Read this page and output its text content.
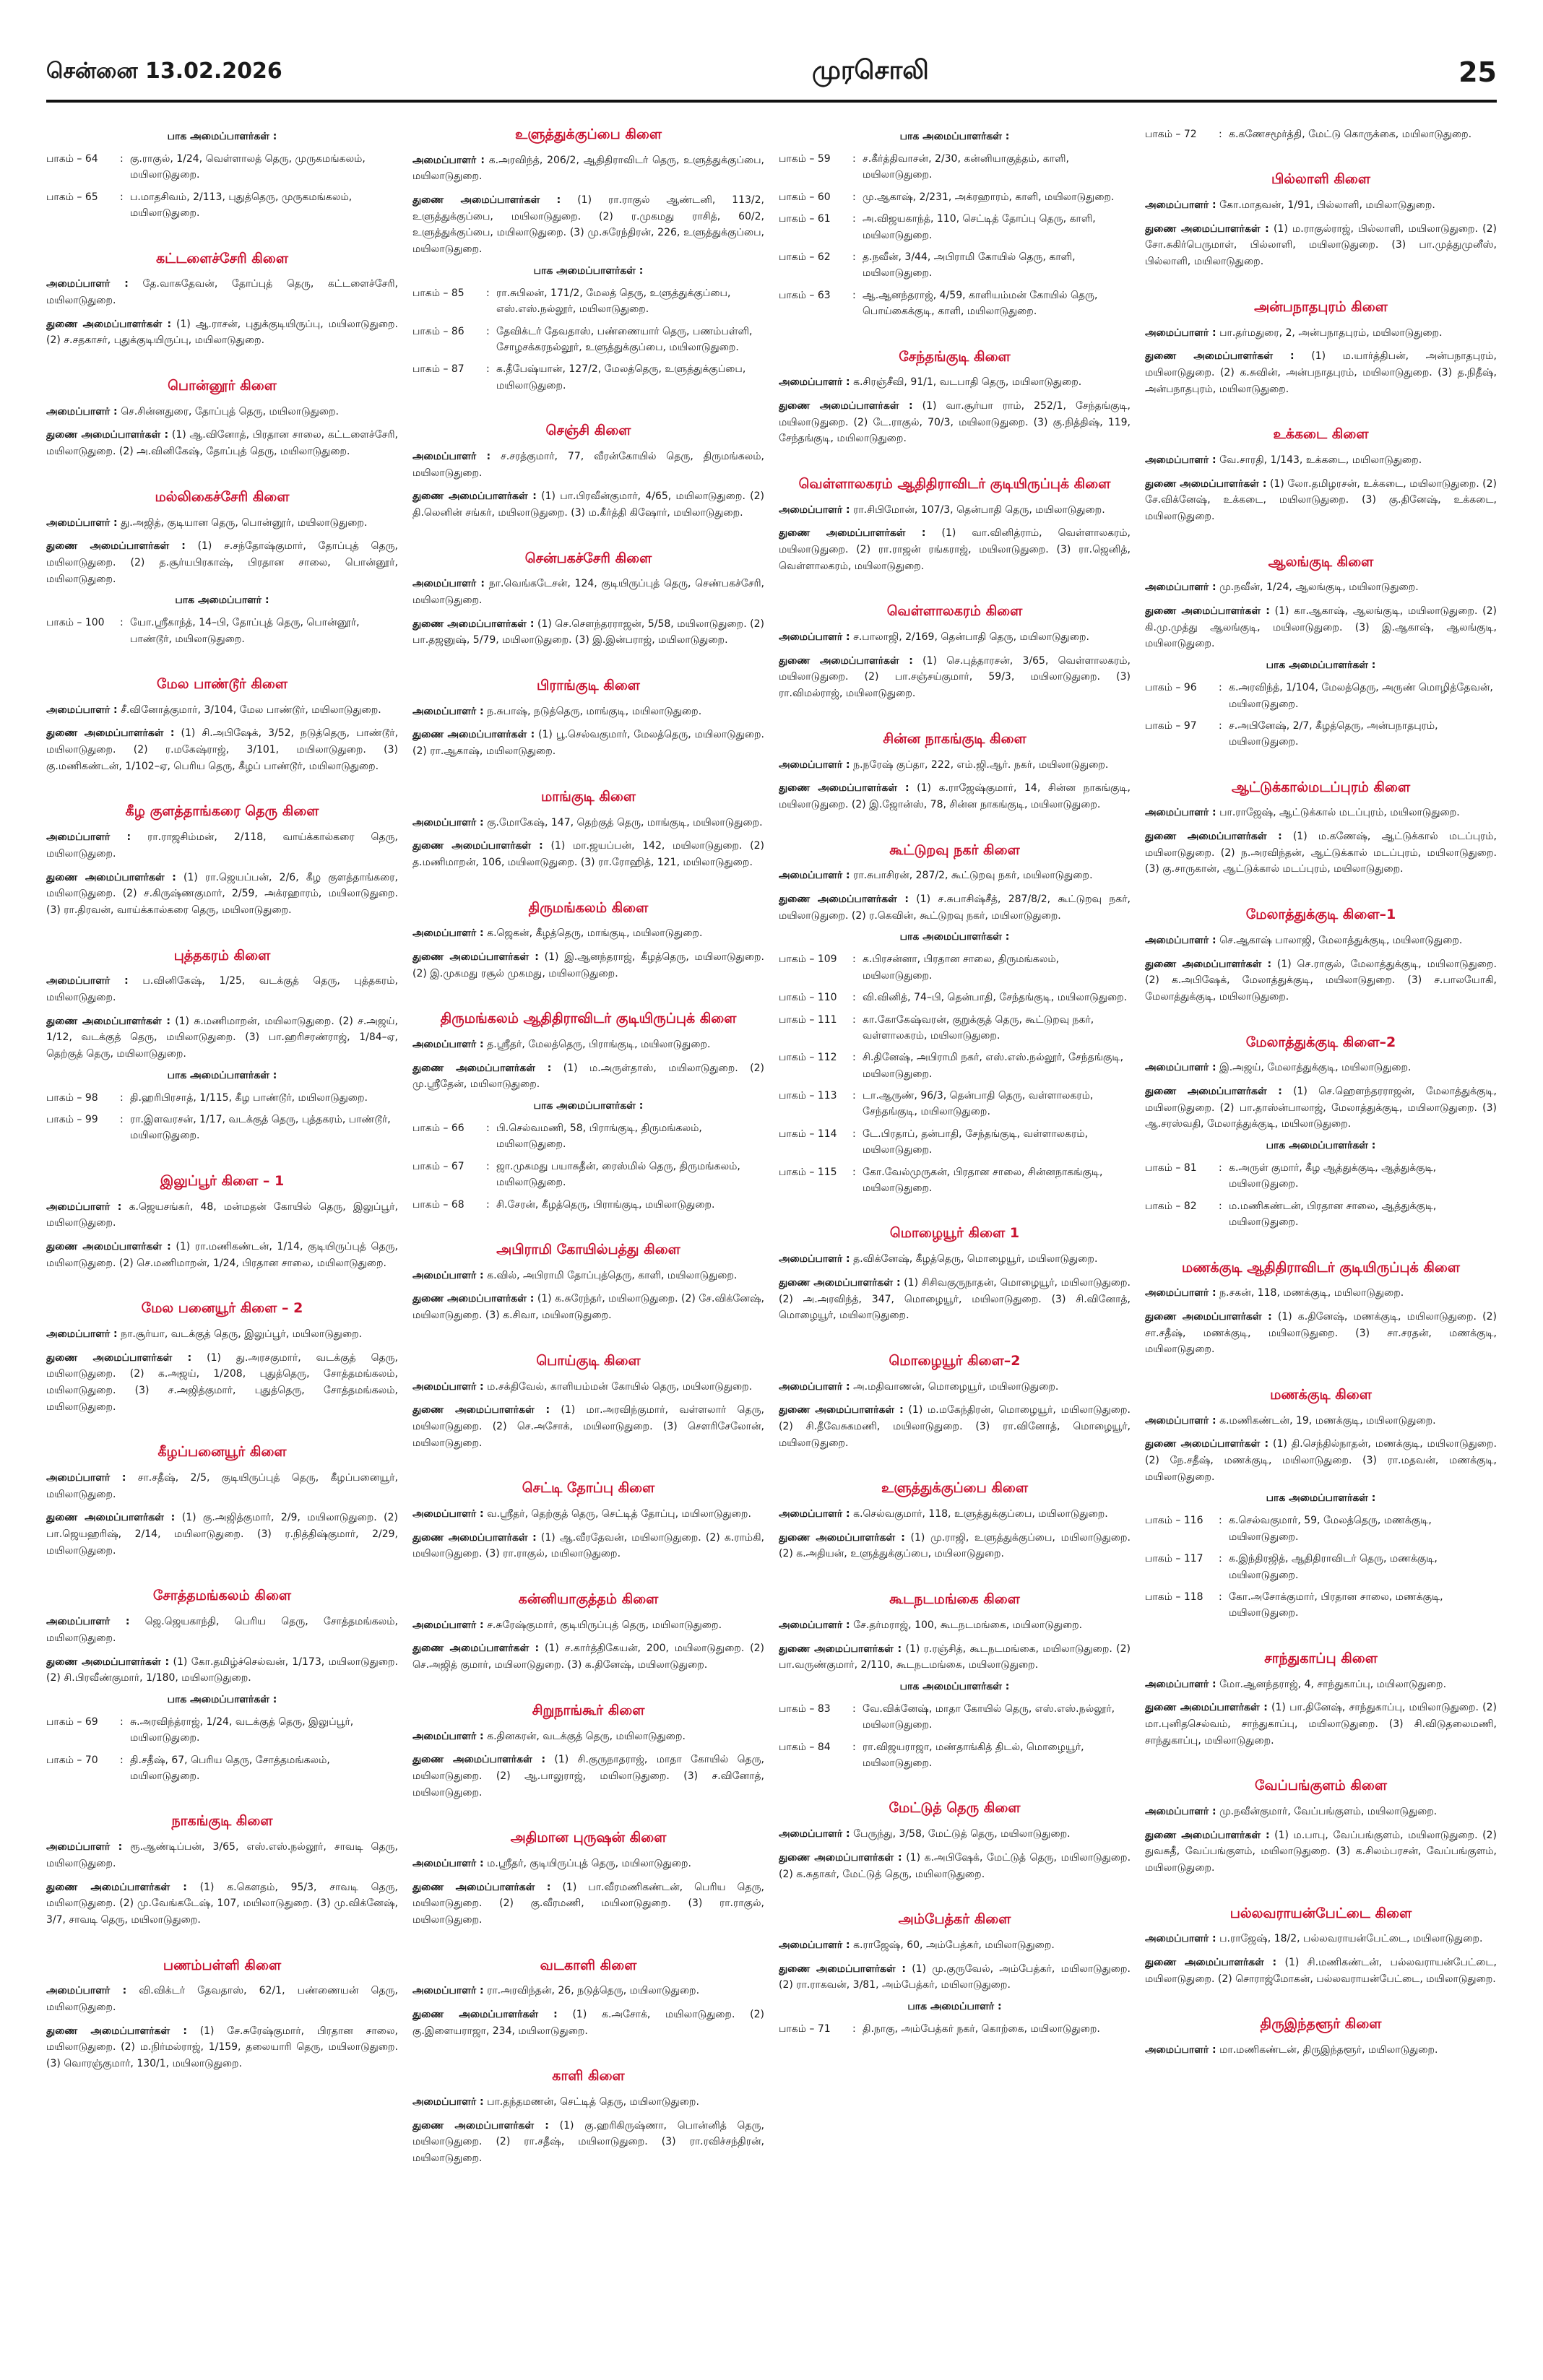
சென்னை 13.02.2026	முரசொலி	25
பாக அமைப்பாளர்கள் :
பாகம் – 64	: கு.ராகுல், 1/24, வெள்ளாலத் தெரு, முருகமங்கலம், மயிலாடுதுறை.
பாகம் – 65	: ப.மாதசிவம், 2/113, புதுத்தெரு, முருகமங்கலம், மயிலாடுதுறை.
கட்டளைச்சேரி கிளை

அமைப்பாளர் : தே.வாசுதேவன், தோப்புத் தெரு, கட்டளைச்சேரி, மயிலாடுதுறை.

துணை அமைப்பாளர்கள் : (1) ஆ.ராசன், புதுக்குடியிருப்பு, மயிலாடுதுறை. (2) ச.சதகாசர், புதுக்குடியிருப்பு, மயிலாடுதுறை.

பொன்னூர் கிளை

அமைப்பாளர் : செ.சின்னதுரை, தோப்புத் தெரு, மயிலாடுதுறை.

துணை அமைப்பாளர்கள் : (1) ஆ.வினோத், பிரதான சாலை, கட்டளைச்சேரி, மயிலாடுதுறை. (2) அ.வினிகேஷ், தோப்புத் தெரு, மயிலாடுதுறை.

மல்லிகைச்சேரி கிளை

அமைப்பாளர் : து.அஜித், குடியான தெரு, பொன்னூர், மயிலாடுதுறை.

துணை அமைப்பாளர்கள் : (1) ச.சந்தோஷ்குமார், தோப்புத் தெரு, மயிலாடுதுறை. (2) த.சூர்யபிரகாஷ், பிரதான சாலை, பொன்னூர், மயிலாடுதுறை.

பாக அமைப்பாளர் :
பாகம் – 100	: யோ.ஸ்ரீகாந்த், 14–பி, தோப்புத் தெரு, பொன்னூர், பாண்டூர், மயிலாடுதுறை.
மேல பாண்டூர் கிளை

அமைப்பாளர் : சீ.வினோத்குமார், 3/104, மேல பாண்டூர், மயிலாடுதுறை.

துணை அமைப்பாளர்கள் : (1) சி.அபிஷேக், 3/52, நடுத்தெரு, பாண்டூர், மயிலாடுதுறை. (2) ர.மகேஷ்ராஜ், 3/101, மயிலாடுதுறை. (3) கு.மணிகண்டன், 1/102–ஏ, பெரிய தெரு, கீழப் பாண்டூர், மயிலாடுதுறை.

கீழ குளத்தாங்கரை தெரு கிளை

அமைப்பாளர் : ரா.ராஜசிம்மன், 2/118, வாய்க்கால்கரை தெரு, மயிலாடுதுறை.

துணை அமைப்பாளர்கள் : (1) ரா.ஜெயப்பன், 2/6, கீழ குளத்தாங்கரை, மயிலாடுதுறை. (2) ச.கிருஷ்ணகுமார், 2/59, அக்ரஹாரம், மயிலாடுதுறை. (3) ரா.திரவன், வாய்க்கால்கரை தெரு, மயிலாடுதுறை.

புத்தகரம் கிளை

அமைப்பாளர் : ப.வினிகேஷ், 1/25, வடக்குத் தெரு, புத்தகரம், மயிலாடுதுறை.

துணை அமைப்பாளர்கள் : (1) சு.மணிமாறன், மயிலாடுதுறை. (2) ச.அஜய், 1/12, வடக்குத் தெரு, மயிலாடுதுறை. (3) பா.ஹரிசரண்ராஜ், 1/84–ஏ, தெற்குத் தெரு, மயிலாடுதுறை.

பாக அமைப்பாளர்கள் :
பாகம் – 98	: தி.ஹரிபிரசாத், 1/115, கீழ பாண்டூர், மயிலாடுதுறை.
பாகம் – 99	: ரா.இளவரசன், 1/17, வடக்குத் தெரு, புத்தகரம், பாண்டூர், மயிலாடுதுறை.
இலுப்பூர் கிளை – 1

அமைப்பாளர் : க.ஜெயசங்கர், 48, மன்மதன் கோயில் தெரு, இலுப்பூர், மயிலாடுதுறை.

துணை அமைப்பாளர்கள் : (1) ரா.மணிகண்டன், 1/14, குடியிருப்புத் தெரு, மயிலாடுதுறை. (2) செ.மணிமாறன், 1/24, பிரதான சாலை, மயிலாடுதுறை.

மேல பனையூர் கிளை – 2

அமைப்பாளர் : நா.சூர்யா, வடக்குத் தெரு, இலுப்பூர், மயிலாடுதுறை.

துணை அமைப்பாளர்கள் : (1) து.அரசகுமார், வடக்குத் தெரு, மயிலாடுதுறை. (2) க.அஜய், 1/208, புதுத்தெரு, சோத்தமங்கலம், மயிலாடுதுறை. (3) ச.அஜித்குமார், புதுத்தெரு, சோத்தமங்கலம், மயிலாடுதுறை.

கீழப்பனையூர் கிளை

அமைப்பாளர் : சா.சதீஷ், 2/5, குடியிருப்புத் தெரு, கீழப்பனையூர், மயிலாடுதுறை.

துணை அமைப்பாளர்கள் : (1) கு.அஜித்குமார், 2/9, மயிலாடுதுறை. (2) பா.ஜெயஹரிஷ், 2/14, மயிலாடுதுறை. (3) ர.நித்திஷ்குமார், 2/29, மயிலாடுதுறை.

சோத்தமங்கலம் கிளை

அமைப்பாளர் : ஜெ.ஜெயகாந்தி, பெரிய தெரு, சோத்தமங்கலம், மயிலாடுதுறை.

துணை அமைப்பாளர்கள் : (1) கோ.தமிழ்ச்செல்வன், 1/173, மயிலாடுதுறை. (2) சி.பிரவீண்குமார், 1/180, மயிலாடுதுறை.

பாக அமைப்பாளர்கள் :
பாகம் – 69	: சு.அரவிந்த்ராஜ், 1/24, வடக்குத் தெரு, இலுப்பூர், மயிலாடுதுறை.
பாகம் – 70	: தி.சதீஷ், 67, பெரிய தெரு, சோத்தமங்கலம், மயிலாடுதுறை.
நாகங்குடி கிளை

அமைப்பாளர் : ரூ.ஆண்டிப்பன், 3/65, எஸ்.எஸ்.நல்லூர், சாவடி தெரு, மயிலாடுதுறை.

துணை அமைப்பாளர்கள் : (1) க.கௌதம், 95/3, சாவடி தெரு, மயிலாடுதுறை. (2) மு.வேங்கடேஷ், 107, மயிலாடுதுறை. (3) மு.விக்னேஷ், 3/7, சாவடி தெரு, மயிலாடுதுறை.

பணம்பள்ளி கிளை

அமைப்பாளர் : வி.விக்டர் தேவதாஸ், 62/1, பண்ணையன் தெரு, மயிலாடுதுறை.

துணை அமைப்பாளர்கள் : (1) சே.சுரேஷ்குமார், பிரதான சாலை, மயிலாடுதுறை. (2) ம.நிர்மல்ராஜ், 1/159, தலையாரி தெரு, மயிலாடுதுறை. (3) வொரஞ்குமார், 130/1, மயிலாடுதுறை.

உளுத்துக்குப்பை கிளை

அமைப்பாளர் : க.அரவிந்த், 206/2, ஆதிதிராவிடர் தெரு, உளுத்துக்குப்பை, மயிலாடுதுறை.

துணை அமைப்பாளர்கள் : (1) ரா.ராகுல் ஆண்டனி, 113/2, உளுத்துக்குப்பை, மயிலாடுதுறை. (2) ர.முகமது ராசித், 60/2, உளுத்துக்குப்பை, மயிலாடுதுறை. (3) மு.சுரேந்திரன், 226, உளுத்துக்குப்பை, மயிலாடுதுறை.

பாக அமைப்பாளர்கள் :
பாகம் – 85	: ரா.சுபிலன், 171/2, மேலத் தெரு, உளுத்துக்குப்பை, எஸ்.எஸ்.நல்லூர், மயிலாடுதுறை.
பாகம் – 86	: தேவிக்டர் தேவதாஸ், பண்ணையார் தெரு, பணம்பள்ளி, சோழசக்கரநல்லூர், உளுத்துக்குப்பை, மயிலாடுதுறை.
பாகம் – 87	: க.தீபேஷ்யான், 127/2, மேலத்தெரு, உளுத்துக்குப்பை, மயிலாடுதுறை.
செஞ்சி கிளை

அமைப்பாளர் : ச.சரத்குமார், 77, வீரன்கோயில் தெரு, திருமங்கலம், மயிலாடுதுறை.

துணை அமைப்பாளர்கள் : (1) பா.பிரவீன்குமார், 4/65, மயிலாடுதுறை. (2) தி.லெனின் சங்கர், மயிலாடுதுறை. (3) ம.கீர்த்தி கிஷோர், மயிலாடுதுறை.

சென்பகச்சேரி கிளை

அமைப்பாளர் : நா.வெங்கடேசன், 124, குடியிருப்புத் தெரு, செண்பகச்சேரி, மயிலாடுதுறை.

துணை அமைப்பாளர்கள் : (1) செ.செளந்தரராஜன், 5/58, மயிலாடுதுறை. (2) பா.தஜனுஷ், 5/79, மயிலாடுதுறை. (3) இ.இன்பராஜ், மயிலாடுதுறை.

பிராங்குடி கிளை

அமைப்பாளர் : ந.சுபாஷ், நடுத்தெரு, மாங்குடி, மயிலாடுதுறை.

துணை அமைப்பாளர்கள் : (1) பூ.செல்வகுமார், மேலத்தெரு, மயிலாடுதுறை. (2) ரா.ஆகாஷ், மயிலாடுதுறை.

மாங்குடி கிளை

அமைப்பாளர் : கு.மோகேஷ், 147, தெற்குத் தெரு, மாங்குடி, மயிலாடுதுறை.

துணை அமைப்பாளர்கள் : (1) மா.ஜயப்பன், 142, மயிலாடுதுறை. (2) த.மணிமாறன், 106, மயிலாடுதுறை. (3) ரா.ரோஹித், 121, மயிலாடுதுறை.

திருமங்கலம் கிளை

அமைப்பாளர் : க.ஜெகன், கீழத்தெரு, மாங்குடி, மயிலாடுதுறை.

துணை அமைப்பாளர்கள் : (1) இ.ஆனந்தராஜ், கீழத்தெரு, மயிலாடுதுறை. (2) இ.முகமது ரசூல் முகமது, மயிலாடுதுறை.

திருமங்கலம் ஆதிதிராவிடர் குடியிருப்புக் கிளை

அமைப்பாளர் : த.ஸ்ரீதர், மேலத்தெரு, பிராங்குடி, மயிலாடுதுறை.

துணை அமைப்பாளர்கள் : (1) ம.அருள்தாஸ், மயிலாடுதுறை. (2) மு.ஸ்ரீதேன், மயிலாடுதுறை.

பாக அமைப்பாளர்கள் :
பாகம் – 66	: பி.செல்வமணி, 58, பிராங்குடி, திருமங்கலம், மயிலாடுதுறை.
பாகம் – 67	: ஜா.முகமது பயாசுதீன், ரைஸ்மில் தெரு, திருமங்கலம், மயிலாடுதுறை.
பாகம் – 68	: சி.சேரன், கீழத்தெரு, பிராங்குடி, மயிலாடுதுறை.
அபிராமி கோயில்பத்து கிளை

அமைப்பாளர் : க.வில், அபிராமி தோப்புத்தெரு, காளி, மயிலாடுதுறை.

துணை அமைப்பாளர்கள் : (1) க.சுரேந்தர், மயிலாடுதுறை. (2) சே.விக்னேஷ், மயிலாடுதுறை. (3) க.சிவா, மயிலாடுதுறை.

பொய்குடி கிளை

அமைப்பாளர் : ம.சக்திவேல், காளியம்மன் கோயில் தெரு, மயிலாடுதுறை.

துணை அமைப்பாளர்கள் : (1) மா.அரவிந்குமார், வள்ளலார் தெரு, மயிலாடுதுறை. (2) செ.அசோக், மயிலாடுதுறை. (3) சௌரிசேலோன், மயிலாடுதுறை.

செட்டி தோப்பு கிளை

அமைப்பாளர் : வ.ஸ்ரீதர், தெற்குத் தெரு, செட்டித் தோப்பு, மயிலாடுதுறை.

துணை அமைப்பாளர்கள் : (1) ஆ.வீரதேவன், மயிலாடுதுறை. (2) க.ராம்கி, மயிலாடுதுறை. (3) ரா.ராகுல், மயிலாடுதுறை.

கன்னியாகுத்தம் கிளை

அமைப்பாளர் : ச.சுரேஷ்குமார், குடியிருப்புத் தெரு, மயிலாடுதுறை.

துணை அமைப்பாளர்கள் : (1) ச.கார்த்திகேயன், 200, மயிலாடுதுறை. (2) செ.அஜித் குமார், மயிலாடுதுறை. (3) க.தினேஷ், மயிலாடுதுறை.

சிறுநாங்கூர் கிளை

அமைப்பாளர் : க.தினகரன், வடக்குத் தெரு, மயிலாடுதுறை.

துணை அமைப்பாளர்கள் : (1) சி.குருநாதராஜ், மாதா கோயில் தெரு, மயிலாடுதுறை. (2) ஆ.பாலுராஜ், மயிலாடுதுறை. (3) ச.வினோத், மயிலாடுதுறை.

அதிமான புருஷன் கிளை

அமைப்பாளர் : ம.ஸ்ரீதர், குடியிருப்புத் தெரு, மயிலாடுதுறை.

துணை அமைப்பாளர்கள் : (1) பா.வீரமணிகண்டன், பெரிய தெரு, மயிலாடுதுறை. (2) கு.வீரமணி, மயிலாடுதுறை. (3) ரா.ராகுல், மயிலாடுதுறை.

வடகாளி கிளை

அமைப்பாளர் : ரா.அரவிந்தன், 26, நடுத்தெரு, மயிலாடுதுறை.

துணை அமைப்பாளர்கள் : (1) க.அசோக், மயிலாடுதுறை. (2) கு.இளையராஜா, 234, மயிலாடுதுறை.

காளி கிளை

அமைப்பாளர் : பா.தந்தமணன், செட்டித் தெரு, மயிலாடுதுறை.

துணை அமைப்பாளர்கள் : (1) கு.ஹரிகிருஷ்ணா, பொன்னித் தெரு, மயிலாடுதுறை. (2) ரா.சதீஷ், மயிலாடுதுறை. (3) ரா.ரவிச்சந்திரன், மயிலாடுதுறை.

பாக அமைப்பாளர்கள் :
பாகம் – 59	: ச.கீர்த்திவாசன், 2/30, கன்னியாகுத்தம், காளி, மயிலாடுதுறை.
பாகம் – 60	: மு.ஆகாஷ், 2/231, அக்ரஹாரம், காளி, மயிலாடுதுறை.
பாகம் – 61	: அ.விஜயகாந்த், 110, செட்டித் தோப்பு தெரு, காளி, மயிலாடுதுறை.
பாகம் – 62	: த.நவீன், 3/44, அபிராமி கோயில் தெரு, காளி, மயிலாடுதுறை.
பாகம் – 63	: ஆ.ஆனந்தராஜ், 4/59, காளியம்மன் கோயில் தெரு, பொய்கைக்குடி, காளி, மயிலாடுதுறை.
சேந்தங்குடி கிளை

அமைப்பாளர் : க.சிரஞ்சீவி, 91/1, வடபாதி தெரு, மயிலாடுதுறை.

துணை அமைப்பாளர்கள் : (1) வா.சூர்யா ராம், 252/1, சேந்தங்குடி, மயிலாடுதுறை. (2) டே.ராகுல், 70/3, மயிலாடுதுறை. (3) கு.நித்திஷ், 119, சேந்தங்குடி, மயிலாடுதுறை.

வெள்ளாலகரம் ஆதிதிராவிடர் குடியிருப்புக் கிளை

அமைப்பாளர் : ரா.சிபிமோன், 107/3, தென்பாதி தெரு, மயிலாடுதுறை.

துணை அமைப்பாளர்கள் : (1) வா.வினித்ராம், வெள்ளாலகரம், மயிலாடுதுறை. (2) ரா.ராஜன் ரங்கராஜ், மயிலாடுதுறை. (3) ரா.ஜெனித், வெள்ளாலகரம், மயிலாடுதுறை.

வெள்ளாலகரம் கிளை

அமைப்பாளர் : ச.பாலாஜி, 2/169, தென்பாதி தெரு, மயிலாடுதுறை.

துணை அமைப்பாளர்கள் : (1) செ.புத்தாரசன், 3/65, வெள்ளாலகரம், மயிலாடுதுறை. (2) பா.சஞ்சய்குமார், 59/3, மயிலாடுதுறை. (3) ரா.விமல்ராஜ், மயிலாடுதுறை.

சின்ன நாகங்குடி கிளை

அமைப்பாளர் : ந.நரேஷ் குப்தா, 222, எம்.ஜி.ஆர். நகர், மயிலாடுதுறை.

துணை அமைப்பாளர்கள் : (1) க.ராஜேஷ்குமார், 14, சின்ன நாகங்குடி, மயிலாடுதுறை. (2) இ.ஜோன்ஸ், 78, சின்ன நாகங்குடி, மயிலாடுதுறை.

கூட்டுறவு நகர் கிளை

அமைப்பாளர் : ரா.சுபாசிரன், 287/2, கூட்டுறவு நகர், மயிலாடுதுறை.

துணை அமைப்பாளர்கள் : (1) ச.சுபாசிஷ்சீத், 287/8/2, கூட்டுறவு நகர், மயிலாடுதுறை. (2) ர.கெவின், கூட்டுறவு நகர், மயிலாடுதுறை.

பாக அமைப்பாளர்கள் :
பாகம் – 109	: க.பிரசன்னா, பிரதான சாலை, திருமங்கலம், மயிலாடுதுறை.
பாகம் – 110	: வி.வினித், 74–பி, தென்பாதி, சேந்தங்குடி, மயிலாடுதுறை.
பாகம் – 111	: கா.கோகேஷ்வரன், குறுக்குத் தெரு, கூட்டுறவு நகர், வள்ளாலகரம், மயிலாடுதுறை.
பாகம் – 112	: சி.தினேஷ், அபிராமி நகர், எஸ்.எஸ்.நல்லூர், சேந்தங்குடி, மயிலாடுதுறை.
பாகம் – 113	: டா.ஆருண், 96/3, தென்பாதி தெரு, வள்ளாலகரம், சேந்தங்குடி, மயிலாடுதுறை.
பாகம் – 114	: டே.பிரதாப், தன்பாதி, சேந்தங்குடி, வள்ளாலகரம், மயிலாடுதுறை.
பாகம் – 115	: கோ.வேல்முருகன், பிரதான சாலை, சின்னநாகங்குடி, மயிலாடுதுறை.
மொழையூர் கிளை 1

அமைப்பாளர் : த.விக்னேஷ், கீழத்தெரு, மொழையூர், மயிலாடுதுறை.

துணை அமைப்பாளர்கள் : (1) சிசிவகுருநாதன், மொழையூர், மயிலாடுதுறை. (2) அ.அரவிந்த், 347, மொழையூர், மயிலாடுதுறை. (3) சி.வினோத், மொழையூர், மயிலாடுதுறை.

மொழையூர் கிளை–2

அமைப்பாளர் : அ.மதிவாணன், மொழையூர், மயிலாடுதுறை.

துணை அமைப்பாளர்கள் : (1) ம.மகேந்திரன், மொழையூர், மயிலாடுதுறை. (2) சி.தீவேசுகமணி, மயிலாடுதுறை. (3) ரா.வினோத், மொழையூர், மயிலாடுதுறை.

உளுத்துக்குப்பை கிளை

அமைப்பாளர் : க.செல்வகுமார், 118, உளுத்துக்குப்பை, மயிலாடுதுறை.

துணை அமைப்பாளர்கள் : (1) மு.ராஜி, உளுத்துக்குப்பை, மயிலாடுதுறை. (2) க.அதியன், உளுத்துக்குப்பை, மயிலாடுதுறை.

கூடநடமங்கை கிளை

அமைப்பாளர் : சே.தர்மராஜ், 100, கூடநடமங்கை, மயிலாடுதுறை.

துணை அமைப்பாளர்கள் : (1) ர.ரஞ்சித், கூடநடமங்கை, மயிலாடுதுறை. (2) பா.வருண்குமார், 2/110, கூடநடமங்கை, மயிலாடுதுறை.

பாக அமைப்பாளர்கள் :
பாகம் – 83	: வே.விக்னேஷ், மாதா கோயில் தெரு, எஸ்.எஸ்.நல்லூர், மயிலாடுதுறை.
பாகம் – 84	: ரா.விஜயராஜா, மண்தாங்கித் திடல், மொழையூர், மயிலாடுதுறை.
மேட்டுத் தெரு கிளை

அமைப்பாளர் : பேருந்து, 3/58, மேட்டுத் தெரு, மயிலாடுதுறை.

துணை அமைப்பாளர்கள் : (1) க.அபிஷேக், மேட்டுத் தெரு, மயிலாடுதுறை. (2) க.சுதாகர், மேட்டுத் தெரு, மயிலாடுதுறை.

அம்பேத்கர் கிளை

அமைப்பாளர் : க.ராஜேஷ், 60, அம்பேத்கர், மயிலாடுதுறை.

துணை அமைப்பாளர்கள் : (1) மு.குருவேல், அம்பேத்கர், மயிலாடுதுறை. (2) ரா.ராகவன், 3/81, அம்பேத்கர், மயிலாடுதுறை.

பாக அமைப்பாளர் :
பாகம் – 71	: தி.நாகு, அம்பேத்கர் நகர், கொற்கை, மயிலாடுதுறை.
பாகம் – 72	: க.கணேசமூர்த்தி, மேட்டு கொருக்கை, மயிலாடுதுறை.
பில்லாளி கிளை

அமைப்பாளர் : கோ.மாதவன், 1/91, பில்லாளி, மயிலாடுதுறை.

துணை அமைப்பாளர்கள் : (1) ம.ராகுல்ராஜ், பில்லாளி, மயிலாடுதுறை. (2) சோ.சுகிர்பெருமாள், பில்லாளி, மயிலாடுதுறை. (3) பா.முத்துமுனீஸ், பில்லாளி, மயிலாடுதுறை.

அன்பநாதபுரம் கிளை

அமைப்பாளர் : பா.தர்மதுரை, 2, அன்பநாதபுரம், மயிலாடுதுறை.

துணை அமைப்பாளர்கள் : (1) ம.யார்த்திபன், அன்பநாதபுரம், மயிலாடுதுறை. (2) க.சுவின், அன்பநாதபுரம், மயிலாடுதுறை. (3) த.நிதீஷ், அன்பநாதபுரம், மயிலாடுதுறை.

உக்கடை கிளை

அமைப்பாளர் : வே.சாரதி, 1/143, உக்கடை, மயிலாடுதுறை.

துணை அமைப்பாளர்கள் : (1) லோ.தமிழரசன், உக்கடை, மயிலாடுதுறை. (2) சே.விக்னேஷ், உக்கடை, மயிலாடுதுறை. (3) கு.தினேஷ், உக்கடை, மயிலாடுதுறை.

ஆலங்குடி கிளை

அமைப்பாளர் : மு.நவீன், 1/24, ஆலங்குடி, மயிலாடுதுறை.

துணை அமைப்பாளர்கள் : (1) கா.ஆகாஷ், ஆலங்குடி, மயிலாடுதுறை. (2) கி.மு.முத்து ஆலங்குடி, மயிலாடுதுறை. (3) இ.ஆகாஷ், ஆலங்குடி, மயிலாடுதுறை.

பாக அமைப்பாளர்கள் :
பாகம் – 96	: க.அரவிந்த், 1/104, மேலத்தெரு, அருண் மொழித்தேவன், மயிலாடுதுறை.
பாகம் – 97	: ச.அபினேஷ், 2/7, கீழத்தெரு, அன்பநாதபுரம், மயிலாடுதுறை.
ஆட்டுக்கால்மடப்புரம் கிளை

அமைப்பாளர் : பா.ராஜேஷ், ஆட்டுக்கால் மடப்புரம், மயிலாடுதுறை.

துணை அமைப்பாளர்கள் : (1) ம.கணேஷ், ஆட்டுக்கால் மடப்புரம், மயிலாடுதுறை. (2) ந.அரவிந்தன், ஆட்டுக்கால் மடப்புரம், மயிலாடுதுறை. (3) கு.சாருகான், ஆட்டுக்கால் மடப்புரம், மயிலாடுதுறை.

மேலாத்துக்குடி கிளை–1

அமைப்பாளர் : செ.ஆகாஷ் பாலாஜி, மேலாத்துக்குடி, மயிலாடுதுறை.

துணை அமைப்பாளர்கள் : (1) செ.ராகுல், மேலாத்துக்குடி, மயிலாடுதுறை. (2) க.அபிஷேக், மேலாத்துக்குடி, மயிலாடுதுறை. (3) ச.பாலயோகி, மேலாத்துக்குடி, மயிலாடுதுறை.

மேலாத்துக்குடி கிளை–2

அமைப்பாளர் : இ.அஜய், மேலாத்துக்குடி, மயிலாடுதுறை.

துணை அமைப்பாளர்கள் : (1) செ.ஹெளந்தரராஜன், மேலாத்துக்குடி, மயிலாடுதுறை. (2) பா.தாஸ்ன்பாலாஜ், மேலாத்துக்குடி, மயிலாடுதுறை. (3) ஆ.சரஸ்வதி, மேலாத்துக்குடி, மயிலாடுதுறை.

பாக அமைப்பாளர்கள் :
பாகம் – 81	: க.அருள் குமார், கீழ ஆத்துக்குடி, ஆத்துக்குடி, மயிலாடுதுறை.
பாகம் – 82	: ம.மணிகண்டன், பிரதான சாலை, ஆத்துக்குடி, மயிலாடுதுறை.
மணக்குடி ஆதிதிராவிடர் குடியிருப்புக் கிளை

அமைப்பாளர் : ந.சகன், 118, மணக்குடி, மயிலாடுதுறை.

துணை அமைப்பாளர்கள் : (1) க.தினேஷ், மணக்குடி, மயிலாடுதுறை. (2) சா.சதீஷ், மணக்குடி, மயிலாடுதுறை. (3) சா.சரதன், மணக்குடி, மயிலாடுதுறை.

மணக்குடி கிளை

அமைப்பாளர் : க.மணிகண்டன், 19, மணக்குடி, மயிலாடுதுறை.

துணை அமைப்பாளர்கள் : (1) தி.செந்தில்நாதன், மணக்குடி, மயிலாடுதுறை. (2) நே.சதீஷ், மணக்குடி, மயிலாடுதுறை. (3) ரா.மதவன், மணக்குடி, மயிலாடுதுறை.

பாக அமைப்பாளர்கள் :
பாகம் – 116	: க.செல்வகுமார், 59, மேலத்தெரு, மணக்குடி, மயிலாடுதுறை.
பாகம் – 117	: க.இந்திரஜித், ஆதிதிராவிடர் தெரு, மணக்குடி, மயிலாடுதுறை.
பாகம் – 118	: கோ.அசோக்குமார், பிரதான சாலை, மணக்குடி, மயிலாடுதுறை.
சாந்துகாப்பு கிளை

அமைப்பாளர் : மோ.ஆனந்தராஜ், 4, சாந்துகாப்பு, மயிலாடுதுறை.

துணை அமைப்பாளர்கள் : (1) பா.தினேஷ், சாந்துகாப்பு, மயிலாடுதுறை. (2) மா.புனிதசெல்வம், சாந்துகாப்பு, மயிலாடுதுறை. (3) சி.விடுதலைமணி, சாந்துகாப்பு, மயிலாடுதுறை.

வேப்பங்குளம் கிளை

அமைப்பாளர் : மு.நவீன்குமார், வேப்பங்குளம், மயிலாடுதுறை.

துணை அமைப்பாளர்கள் : (1) ம.பாபு, வேப்பங்குளம், மயிலாடுதுறை. (2) துவசுதீ, வேப்பங்குளம், மயிலாடுதுறை. (3) க.சிலம்பரசன், வேப்பங்குளம், மயிலாடுதுறை.

பல்லவராயன்பேட்டை கிளை

அமைப்பாளர் : ப.ராஜேஷ், 18/2, பல்லவராயன்பேட்டை, மயிலாடுதுறை.

துணை அமைப்பாளர்கள் : (1) சி.மணிகண்டன், பல்லவராயன்பேட்டை, மயிலாடுதுறை. (2) சொராஜ்மோகன், பல்லவராயன்பேட்டை, மயிலாடுதுறை.

திருஇந்தளூர் கிளை

அமைப்பாளர் : மா.மணிகண்டன், திருஇந்தளூர், மயிலாடுதுறை.
